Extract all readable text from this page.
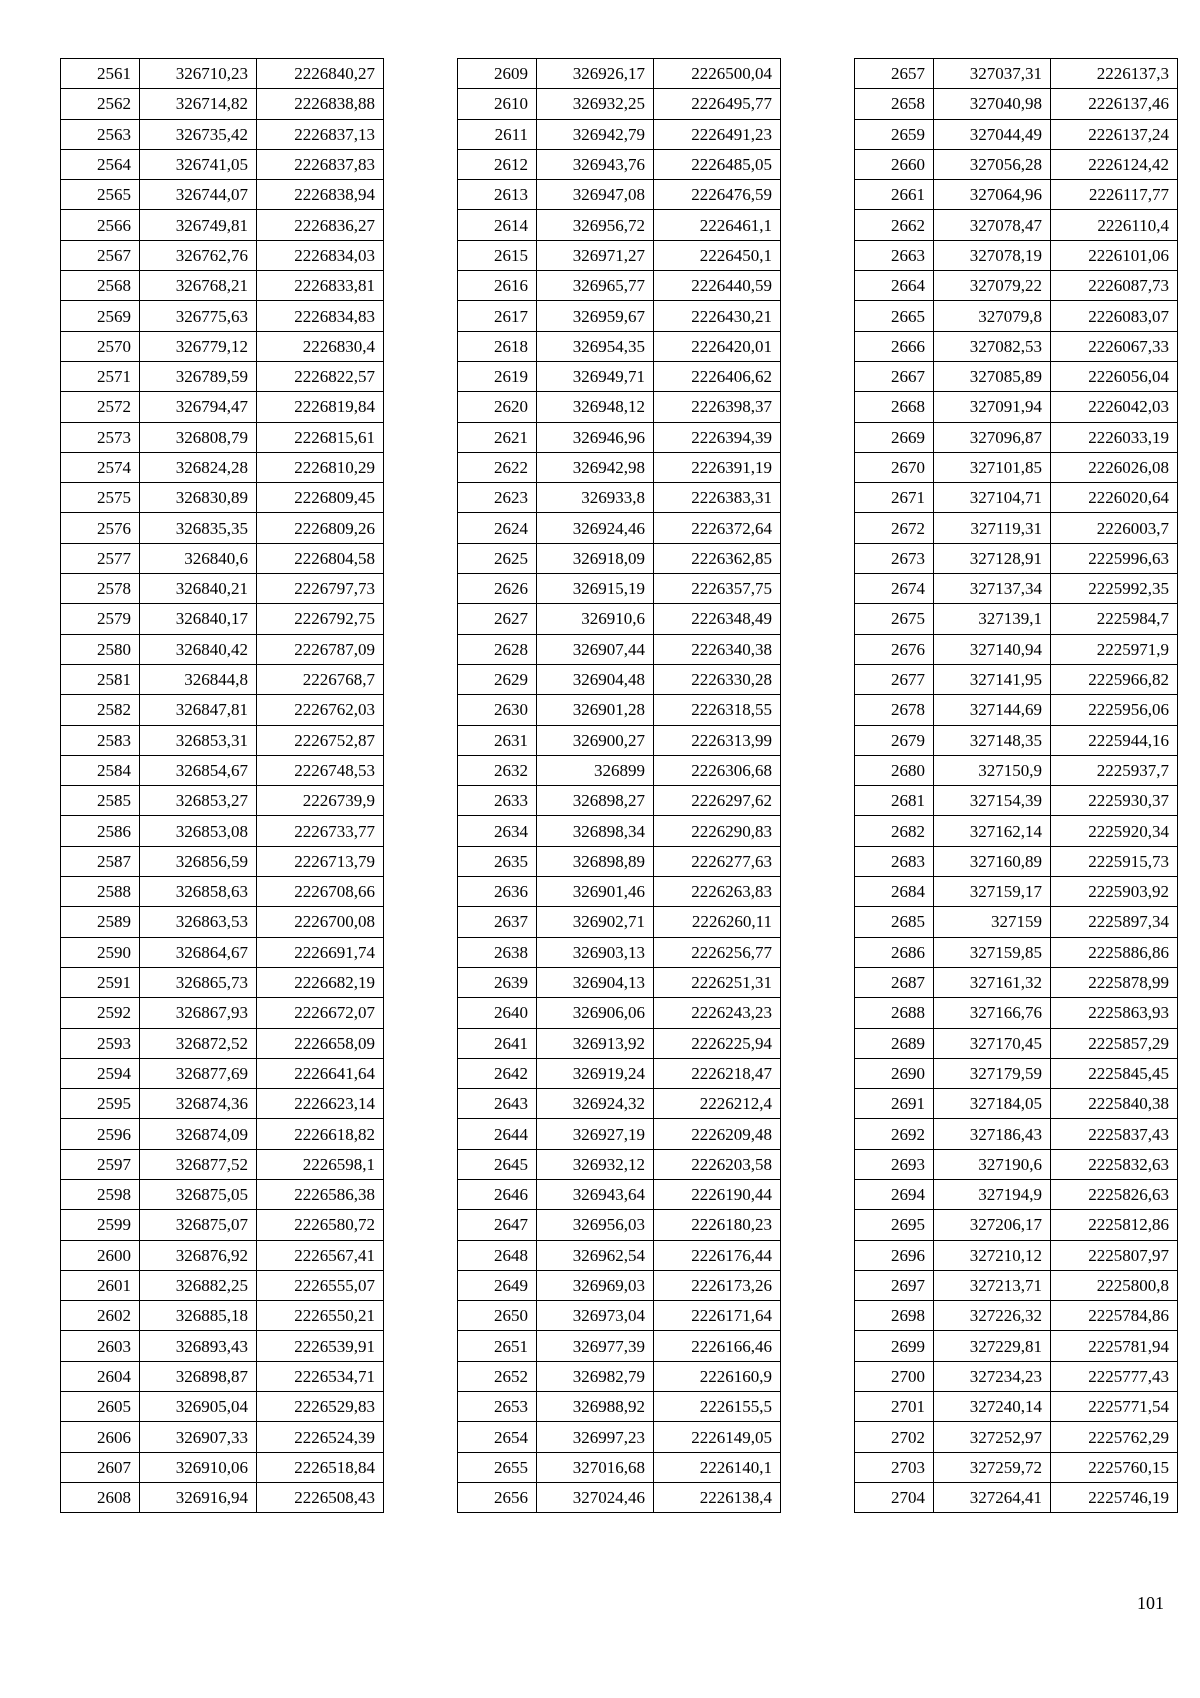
2561	326710,23	2226840,27
2562	326714,82	2226838,88
2563	326735,42	2226837,13
2564	326741,05	2226837,83
2565	326744,07	2226838,94
2566	326749,81	2226836,27
2567	326762,76	2226834,03
2568	326768,21	2226833,81
2569	326775,63	2226834,83
2570	326779,12	2226830,4
2571	326789,59	2226822,57
2572	326794,47	2226819,84
2573	326808,79	2226815,61
2574	326824,28	2226810,29
2575	326830,89	2226809,45
2576	326835,35	2226809,26
2577	326840,6	2226804,58
2578	326840,21	2226797,73
2579	326840,17	2226792,75
2580	326840,42	2226787,09
2581	326844,8	2226768,7
2582	326847,81	2226762,03
2583	326853,31	2226752,87
2584	326854,67	2226748,53
2585	326853,27	2226739,9
2586	326853,08	2226733,77
2587	326856,59	2226713,79
2588	326858,63	2226708,66
2589	326863,53	2226700,08
2590	326864,67	2226691,74
2591	326865,73	2226682,19
2592	326867,93	2226672,07
2593	326872,52	2226658,09
2594	326877,69	2226641,64
2595	326874,36	2226623,14
2596	326874,09	2226618,82
2597	326877,52	2226598,1
2598	326875,05	2226586,38
2599	326875,07	2226580,72
2600	326876,92	2226567,41
2601	326882,25	2226555,07
2602	326885,18	2226550,21
2603	326893,43	2226539,91
2604	326898,87	2226534,71
2605	326905,04	2226529,83
2606	326907,33	2226524,39
2607	326910,06	2226518,84
2608	326916,94	2226508,43
2609	326926,17	2226500,04
2610	326932,25	2226495,77
2611	326942,79	2226491,23
2612	326943,76	2226485,05
2613	326947,08	2226476,59
2614	326956,72	2226461,1
2615	326971,27	2226450,1
2616	326965,77	2226440,59
2617	326959,67	2226430,21
2618	326954,35	2226420,01
2619	326949,71	2226406,62
2620	326948,12	2226398,37
2621	326946,96	2226394,39
2622	326942,98	2226391,19
2623	326933,8	2226383,31
2624	326924,46	2226372,64
2625	326918,09	2226362,85
2626	326915,19	2226357,75
2627	326910,6	2226348,49
2628	326907,44	2226340,38
2629	326904,48	2226330,28
2630	326901,28	2226318,55
2631	326900,27	2226313,99
2632	326899	2226306,68
2633	326898,27	2226297,62
2634	326898,34	2226290,83
2635	326898,89	2226277,63
2636	326901,46	2226263,83
2637	326902,71	2226260,11
2638	326903,13	2226256,77
2639	326904,13	2226251,31
2640	326906,06	2226243,23
2641	326913,92	2226225,94
2642	326919,24	2226218,47
2643	326924,32	2226212,4
2644	326927,19	2226209,48
2645	326932,12	2226203,58
2646	326943,64	2226190,44
2647	326956,03	2226180,23
2648	326962,54	2226176,44
2649	326969,03	2226173,26
2650	326973,04	2226171,64
2651	326977,39	2226166,46
2652	326982,79	2226160,9
2653	326988,92	2226155,5
2654	326997,23	2226149,05
2655	327016,68	2226140,1
2656	327024,46	2226138,4
2657	327037,31	2226137,3
2658	327040,98	2226137,46
2659	327044,49	2226137,24
2660	327056,28	2226124,42
2661	327064,96	2226117,77
2662	327078,47	2226110,4
2663	327078,19	2226101,06
2664	327079,22	2226087,73
2665	327079,8	2226083,07
2666	327082,53	2226067,33
2667	327085,89	2226056,04
2668	327091,94	2226042,03
2669	327096,87	2226033,19
2670	327101,85	2226026,08
2671	327104,71	2226020,64
2672	327119,31	2226003,7
2673	327128,91	2225996,63
2674	327137,34	2225992,35
2675	327139,1	2225984,7
2676	327140,94	2225971,9
2677	327141,95	2225966,82
2678	327144,69	2225956,06
2679	327148,35	2225944,16
2680	327150,9	2225937,7
2681	327154,39	2225930,37
2682	327162,14	2225920,34
2683	327160,89	2225915,73
2684	327159,17	2225903,92
2685	327159	2225897,34
2686	327159,85	2225886,86
2687	327161,32	2225878,99
2688	327166,76	2225863,93
2689	327170,45	2225857,29
2690	327179,59	2225845,45
2691	327184,05	2225840,38
2692	327186,43	2225837,43
2693	327190,6	2225832,63
2694	327194,9	2225826,63
2695	327206,17	2225812,86
2696	327210,12	2225807,97
2697	327213,71	2225800,8
2698	327226,32	2225784,86
2699	327229,81	2225781,94
2700	327234,23	2225777,43
2701	327240,14	2225771,54
2702	327252,97	2225762,29
2703	327259,72	2225760,15
2704	327264,41	2225746,19
101
